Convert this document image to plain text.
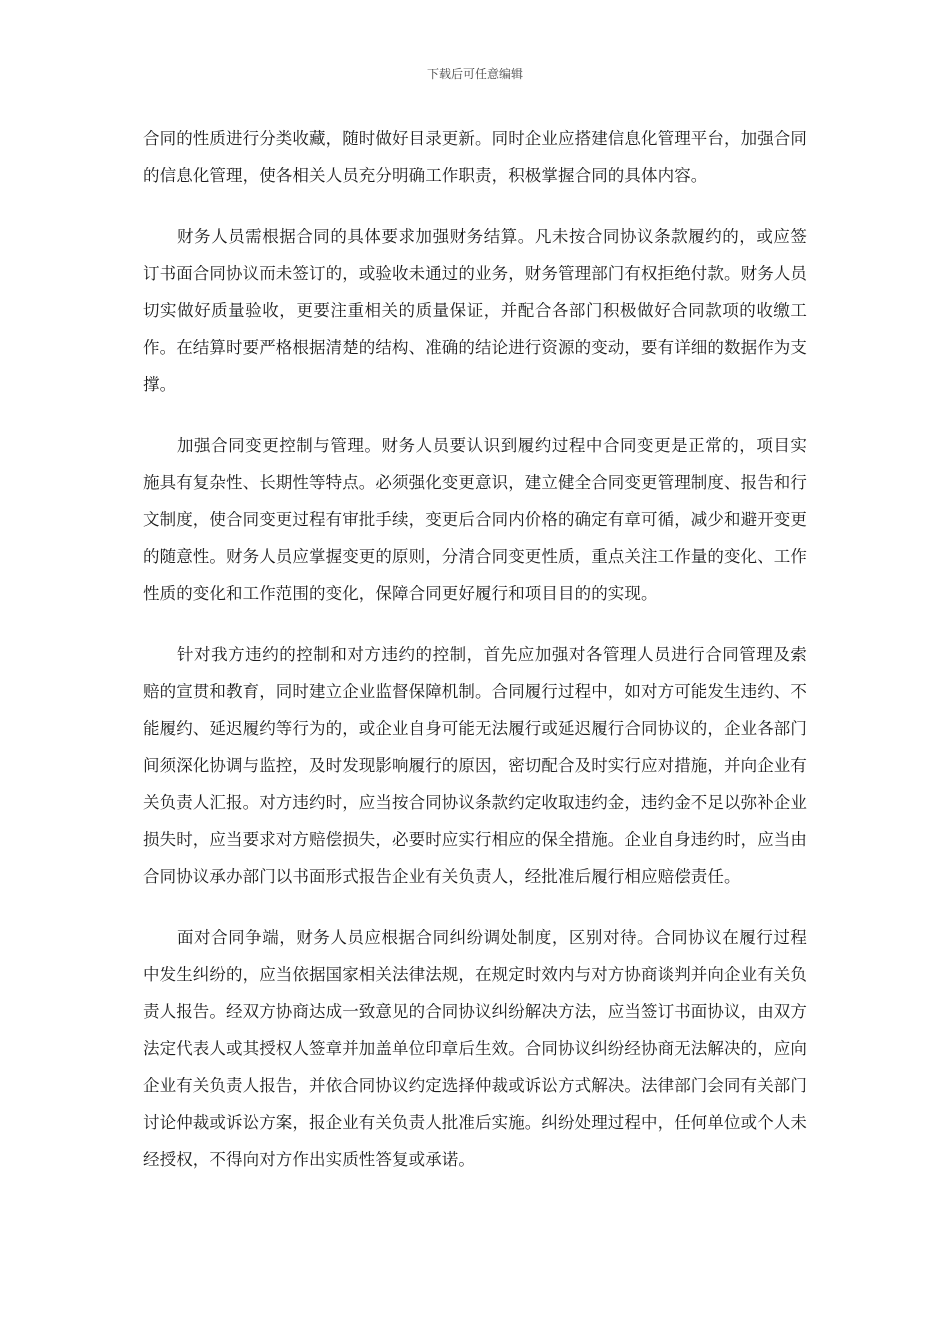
下载后可任意编辑

合同的性质进行分类收藏，随时做好目录更新。同时企业应搭建信息化管理平台，加强合同的信息化管理，使各相关人员充分明确工作职责，积极掌握合同的具体内容。

财务人员需根据合同的具体要求加强财务结算。凡未按合同协议条款履约的，或应签订书面合同协议而未签订的，或验收未通过的业务，财务管理部门有权拒绝付款。财务人员切实做好质量验收，更要注重相关的质量保证，并配合各部门积极做好合同款项的收缴工作。在结算时要严格根据清楚的结构、准确的结论进行资源的变动，要有详细的数据作为支撑。

加强合同变更控制与管理。财务人员要认识到履约过程中合同变更是正常的，项目实施具有复杂性、长期性等特点。必须强化变更意识，建立健全合同变更管理制度、报告和行文制度，使合同变更过程有审批手续，变更后合同内价格的确定有章可循，减少和避开变更的随意性。财务人员应掌握变更的原则，分清合同变更性质，重点关注工作量的变化、工作性质的变化和工作范围的变化，保障合同更好履行和项目目的的实现。

针对我方违约的控制和对方违约的控制，首先应加强对各管理人员进行合同管理及索赔的宣贯和教育，同时建立企业监督保障机制。合同履行过程中，如对方可能发生违约、不能履约、延迟履约等行为的，或企业自身可能无法履行或延迟履行合同协议的，企业各部门间须深化协调与监控，及时发现影响履行的原因，密切配合及时实行应对措施，并向企业有关负责人汇报。对方违约时，应当按合同协议条款约定收取违约金，违约金不足以弥补企业损失时，应当要求对方赔偿损失，必要时应实行相应的保全措施。企业自身违约时，应当由合同协议承办部门以书面形式报告企业有关负责人，经批准后履行相应赔偿责任。

面对合同争端，财务人员应根据合同纠纷调处制度，区别对待。合同协议在履行过程中发生纠纷的，应当依据国家相关法律法规，在规定时效内与对方协商谈判并向企业有关负责人报告。经双方协商达成一致意见的合同协议纠纷解决方法，应当签订书面协议，由双方法定代表人或其授权人签章并加盖单位印章后生效。合同协议纠纷经协商无法解决的，应向企业有关负责人报告，并依合同协议约定选择仲裁或诉讼方式解决。法律部门会同有关部门讨论仲裁或诉讼方案，报企业有关负责人批准后实施。纠纷处理过程中，任何单位或个人未经授权，不得向对方作出实质性答复或承诺。
